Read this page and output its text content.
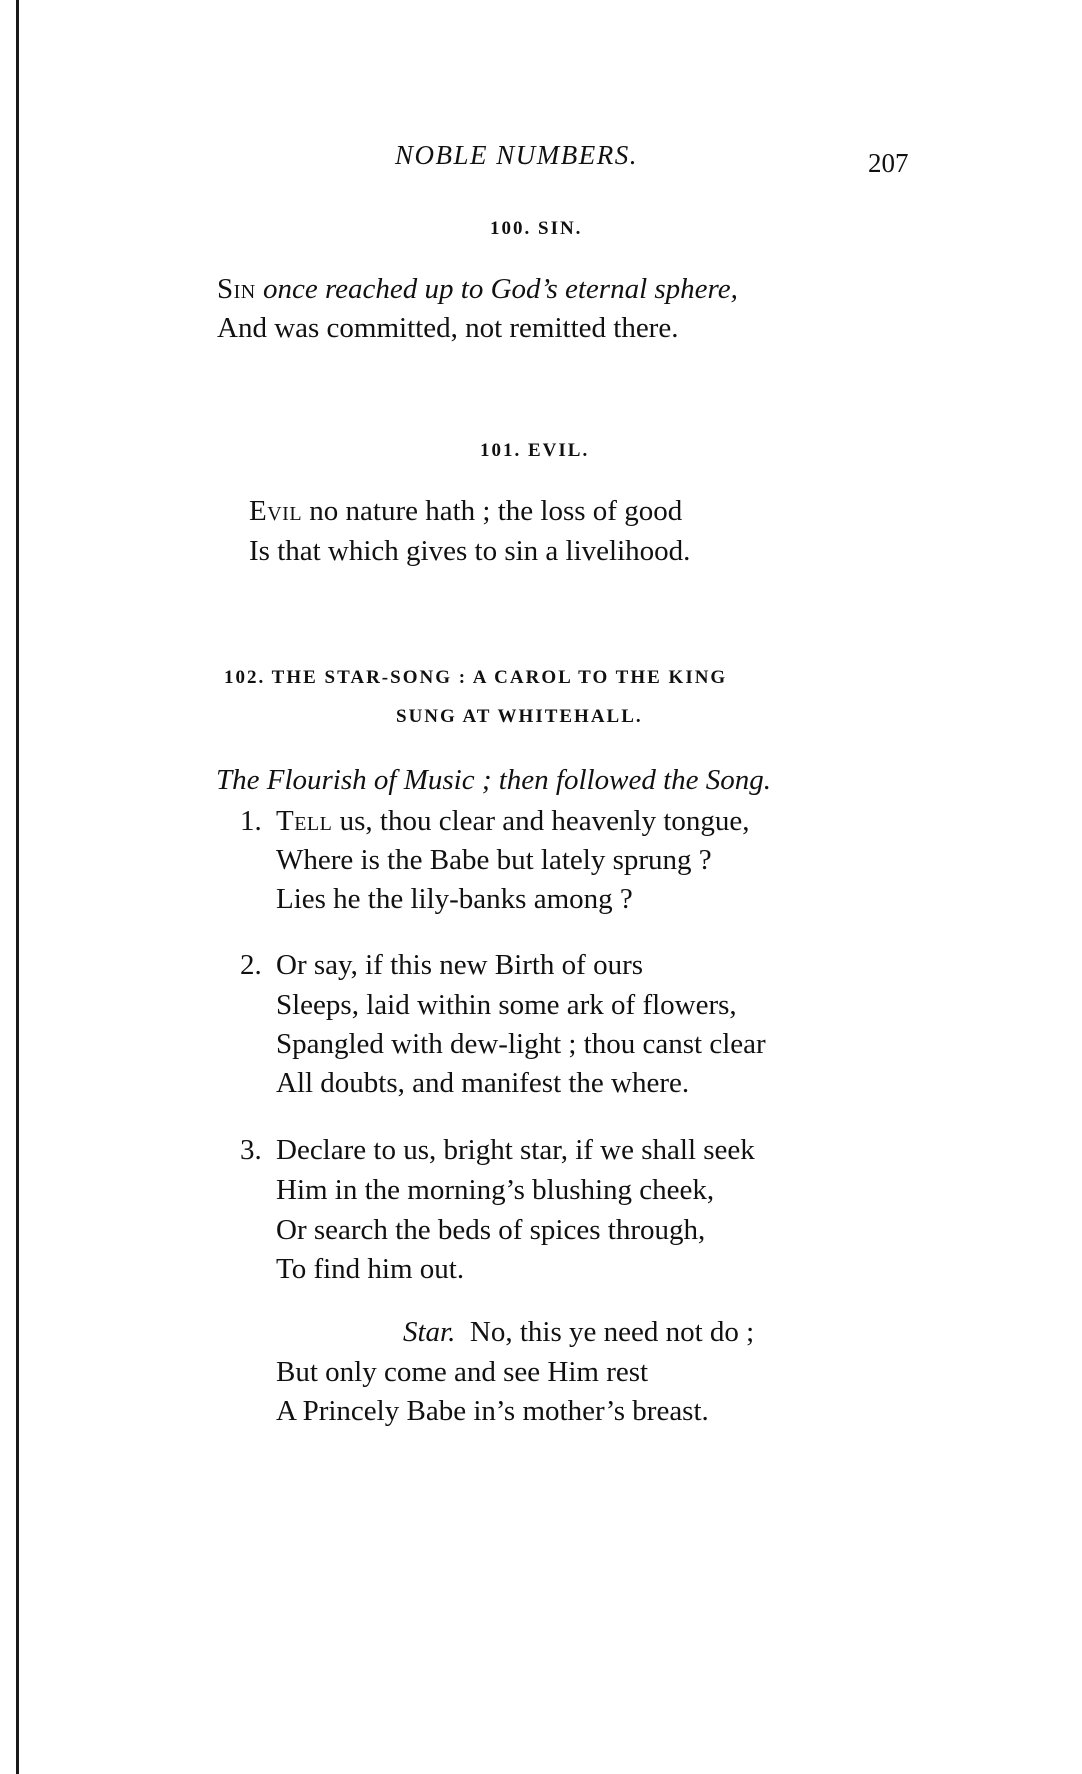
NOBLE NUMBERS.	207
100. SIN.
Sin once reached up to God’s eternal sphere,
And was committed, not remitted there.
101. EVIL.
Evil no nature hath ; the loss of good
Is that which gives to sin a livelihood.
102. THE STAR-SONG : A CAROL TO THE KING
SUNG AT WHITEHALL.
The Flourish of Music ; then followed the Song.
1. Tell us, thou clear and heavenly tongue,
Where is the Babe but lately sprung ?
Lies he the lily-banks among ?
2. Or say, if this new Birth of ours
Sleeps, laid within some ark of flowers,
Spangled with dew-light ; thou canst clear
All doubts, and manifest the where.
3. Declare to us, bright star, if we shall seek
Him in the morning’s blushing cheek,
Or search the beds of spices through,
To find him out.
Star. No, this ye need not do ;
But only come and see Him rest
A Princely Babe in’s mother’s breast.
